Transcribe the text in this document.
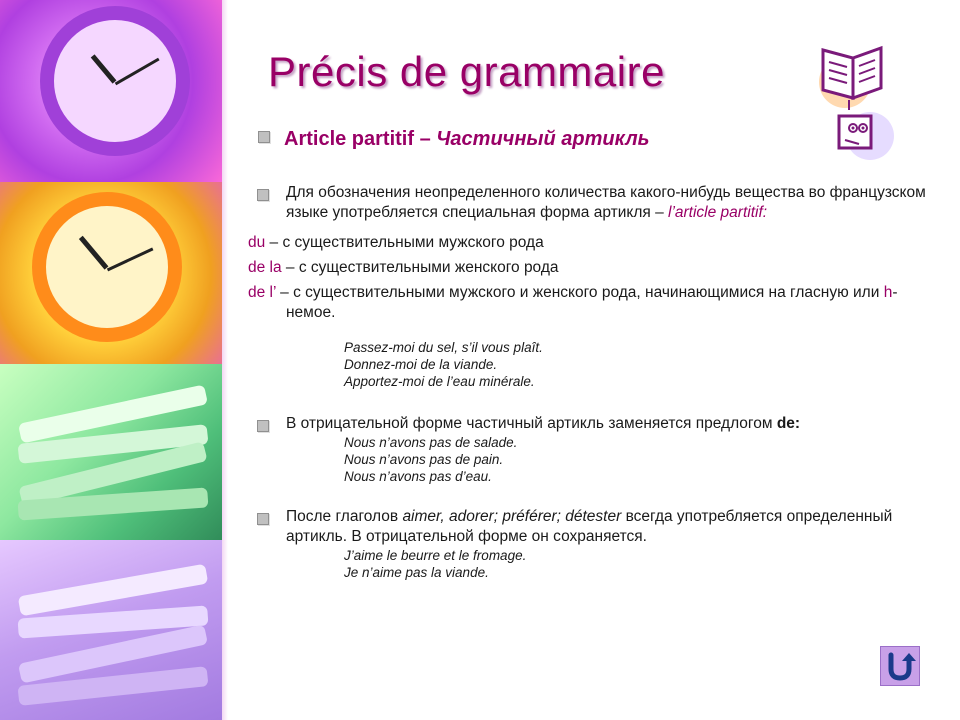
Précis de grammaire
Article partitif – Частичный артикль
Для обозначения неопределенного количества какого-нибудь вещества во французском языке употребляется специальная форма артикля – l’article partitif:
du – с существительными мужского рода
de la – с существительными женского рода
de l’ – с существительными мужского и женского рода, начинающимися на гласную или h- немое.
Passez-moi du sel, s’il vous plaît.
Donnez-moi de la viande.
Apportez-moi de l’eau minérale.
В отрицательной форме частичный артикль заменяется предлогом de:
Nous n’avons pas de salade.
Nous n’avons pas de pain.
Nous n’avons pas d’eau.
После глаголов aimer, adorer; préférer; détester всегда употребляется определенный артикль. В отрицательной форме он сохраняется.
J’aime le beurre et le fromage.
Je n’aime pas la viande.
